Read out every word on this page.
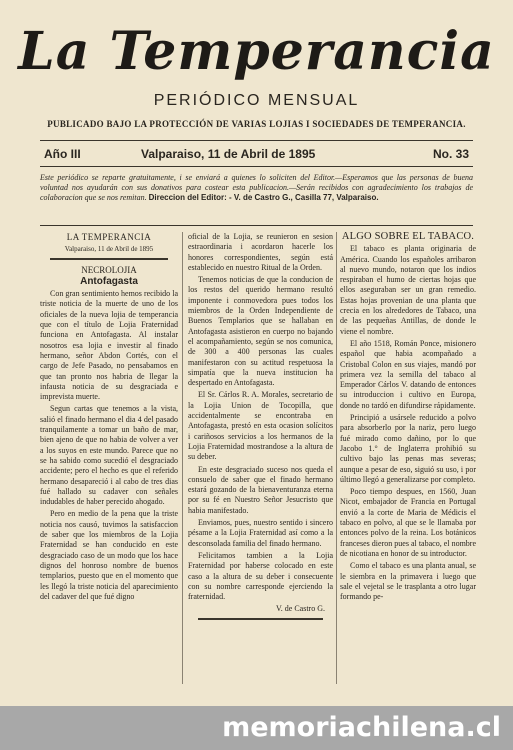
La Temperancia
PERIÓDICO MENSUAL
PUBLICADO BAJO LA PROTECCIÓN DE VARIAS LOJIAS I SOCIEDADES DE TEMPERANCIA.
Año III	Valparaiso, 11 de Abril de 1895	No. 33
Este periódico se reparte gratuitamente, i se enviará a quienes lo soliciten del Editor.—Esperamos que las personas de buena voluntad nos ayudarán con sus donativos para costear esta publicacion.—Serán recibidos con agradecimiento los trabajos de colaboracion que se nos remitan. Direccion del Editor: - V. de Castro G., Casilla 77, Valparaiso.

LA TEMPERANCIA

Valparaiso, 11 de Abril de 1895

NECROLOJIA

Antofagasta

Con gran sentimiento hemos recibido la triste noticia de la muerte de uno de los oficiales de la nueva lojia de temperancia que con el título de Lojia Fraternidad funciona en Antofagasta. Al instalar nosotros esa lojia e investir al finado hermano, señor Abdon Cortés, con el cargo de Jefe Pasado, no pensabamos en que tan pronto nos habria de llegar la infausta noticia de su desgraciada e imprevista muerte.

Segun cartas que tenemos a la vista, salió el finado hermano el dia 4 del pasado tranquilamente a tomar un baño de mar, bien ajeno de que no habia de volver a ver a los suyos en este mundo. Parece que no se ha sabido como sucedió el desgraciado accidente; pero el hecho es que el referido hermano desapareció i al cabo de tres dias fué hallado su cadaver con señales indudables de haber perecido ahogado.

Pero en medio de la pena que la triste noticia nos causó, tuvimos la satisfaccion de saber que los miembros de la Lojia Fraternidad se han conducido en este desgraciado caso de un modo que los hace dignos del honroso nombre de buenos templarios, puesto que en el momento que les llegó la triste noticia del aparecimiento del cadaver del que fué digno

oficial de la Lojia, se reunieron en sesion estraordinaria i acordaron hacerle los honores correspondientes, según está establecido en nuestro Ritual de la Orden.

Tenemos noticias de que la conducion de los restos del querido hermano resultó imponente i conmovedora pues todos los miembros de la Orden Independiente de Buenos Templarios que se hallaban en Antofagasta asistieron en cuerpo no bajando el acompañamiento, según se nos comunica, de 300 a 400 personas las cuales manifestaron con su actitud respetuosa la simpatía que la nueva institucion ha despertado en Antofagasta.

El Sr. Cárlos R. A. Morales, secretario de la Lojia Union de Tocopilla, que accidentalmente se encontraba en Antofagasta, prestó en esta ocasion solícitos i cariñosos servicios a los hermanos de la Lojia Fraternidad mostrandose a la altura de su deber.

En este desgraciado suceso nos queda el consuelo de saber que el finado hermano estará gozando de la bienaventuranza eterna por su fé en Nuestro Señor Jesucristo que habia manifestado.

Enviamos, pues, nuestro sentido i sincero pésame a la Lojia Fraternidad así como a la desconsolada familia del finado hermano.

Felicitamos tambien a la Lojia Fraternidad por haberse colocado en este caso a la altura de su deber i consecuente con su nombre carresponde ejerciendo la fraternidad.

V. de Castro G.

ALGO SOBRE EL TABACO.

El tabaco es planta originaria de América. Cuando los españoles arribaron al nuevo mundo, notaron que los indios respiraban el humo de ciertas hojas que ellos aseguraban ser un gran remedio. Estas hojas provenian de una planta que crecia en los alrededores de Tabaco, una de las pequeñas Antillas, de donde le viene el nombre.

El año 1518, Román Ponce, misionero español que habia acompañado a Cristobal Colon en sus viajes, mandó por primera vez la semilla del tabaco al Emperador Cárlos V. datando de entonces su introduccion i cultivo en Europa, donde no tardó en difundirse rápidamente.

Principió a usársele reducido a polvo para absorberlo por la nariz, pero luego fué mirado como dañino, por lo que Jacobo 1.° de Inglaterra prohibió su cultivo bajo las penas mas severas; aunque a pesar de eso, siguió su uso, i por último llegó a generalizarse por completo.

Poco tiempo despues, en 1560, Juan Nicot, embajador de Francia en Portugal envió a la corte de Maria de Médicis el tabaco en polvo, al que se le llamaba por entonces polvo de la reina. Los botánicos franceses dieron pues al tabaco, el nombre de nicotiana en honor de su introductor.

Como el tabaco es una planta anual, se le siembra en la primavera i luego que sale el vejetal se le trasplanta a otro lugar formando pe-

memoriachilena.cl
